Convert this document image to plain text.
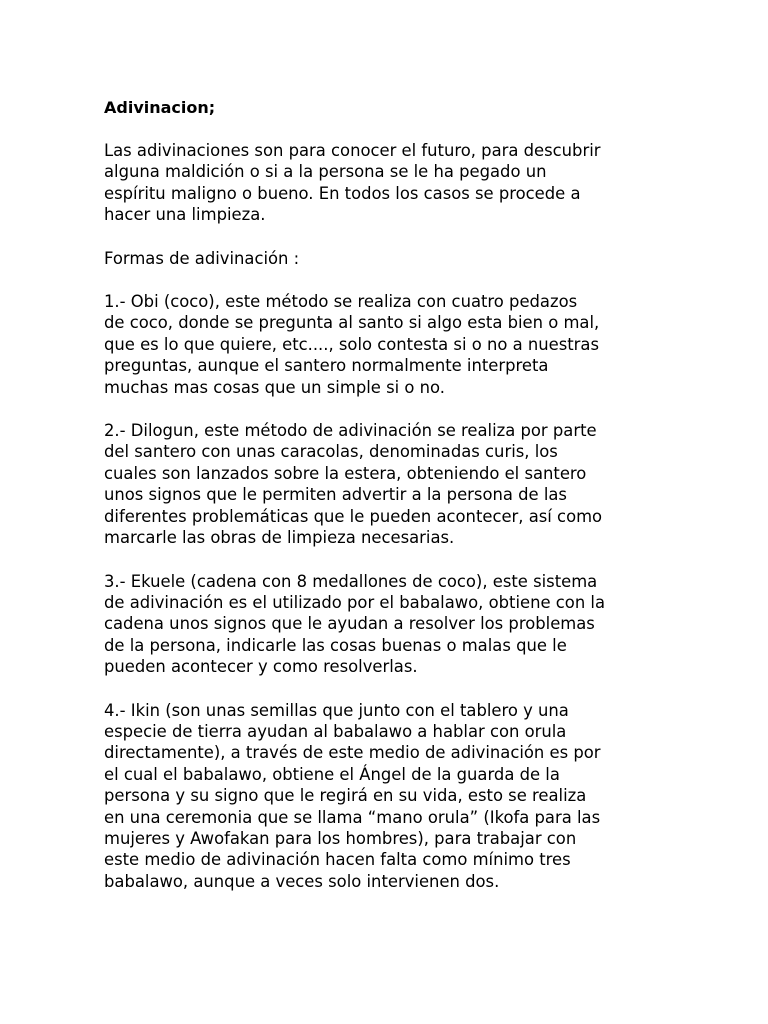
Adivinacion;
Las adivinaciones son para conocer el futuro, para descubrir
alguna maldición o si a la persona se le ha pegado un
espíritu maligno o bueno. En todos los casos se procede a
hacer una limpieza.
Formas de adivinación :
1.- Obi (coco), este método se realiza con cuatro pedazos
de coco, donde se pregunta al santo si algo esta bien o mal,
que es lo que quiere, etc...., solo contesta si o no a nuestras
preguntas, aunque el santero normalmente interpreta
muchas mas cosas que un simple si o no.
2.- Dilogun, este método de adivinación se realiza por parte
del santero con unas caracolas, denominadas curis, los
cuales son lanzados sobre la estera, obteniendo el santero
unos signos que le permiten advertir a la persona de las
diferentes problemáticas que le pueden acontecer, así como
marcarle las obras de limpieza necesarias.
3.- Ekuele (cadena con 8 medallones de coco), este sistema
de adivinación es el utilizado por el babalawo, obtiene con la
cadena unos signos que le ayudan a resolver los problemas
de la persona, indicarle las cosas buenas o malas que le
pueden acontecer y como resolverlas.
4.- Ikin (son unas semillas que junto con el tablero y una
especie de tierra ayudan al babalawo a hablar con orula
directamente), a través de este medio de adivinación es por
el cual el babalawo, obtiene el Ángel de la guarda de la
persona y su signo que le regirá en su vida, esto se realiza
en una ceremonia que se llama “mano orula” (Ikofa para las
mujeres y Awofakan para los hombres), para trabajar con
este medio de adivinación hacen falta como mínimo tres
babalawo, aunque a veces solo intervienen dos.
